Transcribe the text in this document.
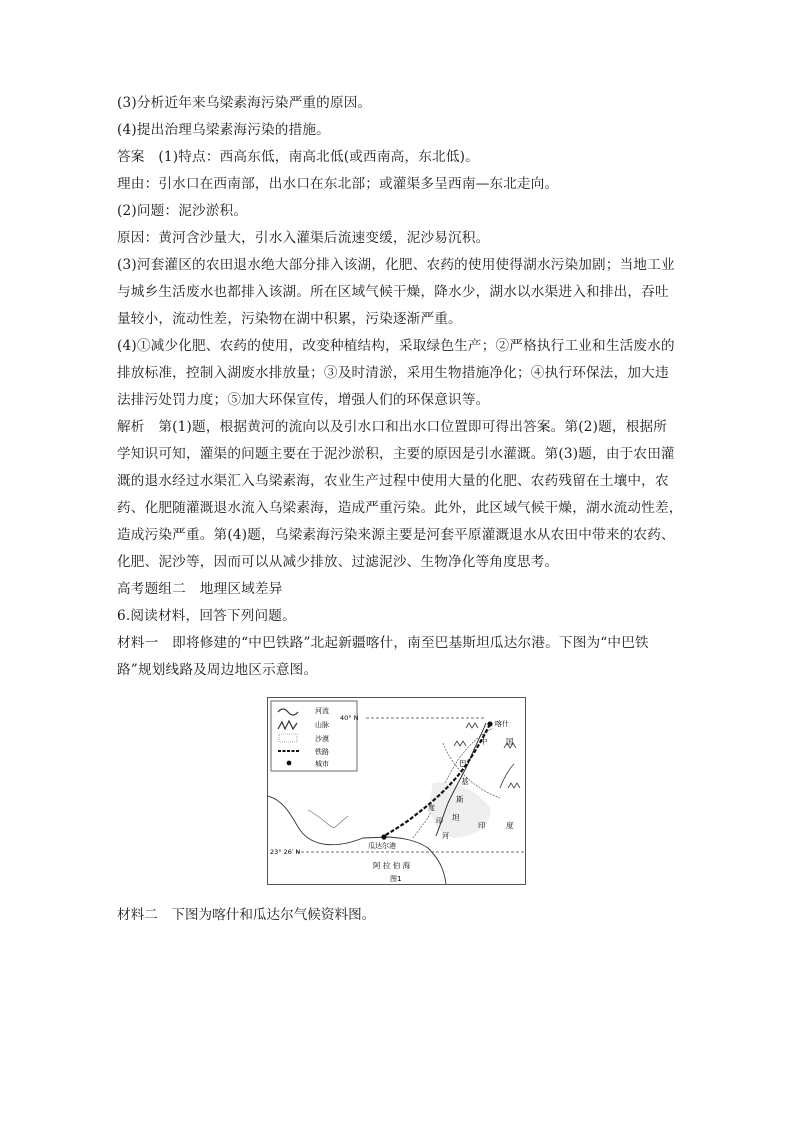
(3)分析近年来乌梁素海污染严重的原因。
(4)提出治理乌梁素海污染的措施。
答案　(1)特点：西高东低，南高北低(或西南高，东北低)。
理由：引水口在西南部，出水口在东北部；或灌渠多呈西南—东北走向。
(2)问题：泥沙淤积。
原因：黄河含沙量大，引水入灌渠后流速变缓，泥沙易沉积。
(3)河套灌区的农田退水绝大部分排入该湖，化肥、农药的使用使得湖水污染加剧；当地工业
与城乡生活废水也都排入该湖。所在区域气候干燥，降水少，湖水以水渠进入和排出，吞吐
量较小，流动性差，污染物在湖中积累，污染逐渐严重。
(4)①减少化肥、农药的使用，改变种植结构，采取绿色生产；②严格执行工业和生活废水的
排放标准，控制入湖废水排放量；③及时清淤，采用生物措施净化；④执行环保法，加大违
法排污处罚力度；⑤加大环保宣传，增强人们的环保意识等。
解析　第(1)题，根据黄河的流向以及引水口和出水口位置即可得出答案。第(2)题，根据所
学知识可知，灌渠的问题主要在于泥沙淤积，主要的原因是引水灌溉。第(3)题，由于农田灌
溉的退水经过水渠汇入乌梁素海，农业生产过程中使用大量的化肥、农药残留在土壤中，农
药、化肥随灌溉退水流入乌梁素海，造成严重污染。此外，此区域气候干燥，湖水流动性差，
造成污染严重。第(4)题，乌梁素海污染来源主要是河套平原灌溉退水从农田中带来的农药、
化肥、泥沙等，因而可以从减少排放、过滤泥沙、生物净化等角度思考。
高考题组二　地理区域差异
6.阅读材料，回答下列问题。
材料一　即将修建的“中巴铁路”北起新疆喀什，南至巴基斯坦瓜达尔港。下图为“中巴铁
路”规划线路及周边地区示意图。
河流
山脉
沙漠
铁路
城市
40° N
23° 26′ N
喀什
瓜达尔港
中 国
印	度
巴
基
斯
坦
印
度
河
阿 拉 伯 海
图1
材料二　下图为喀什和瓜达尔气候资料图。
